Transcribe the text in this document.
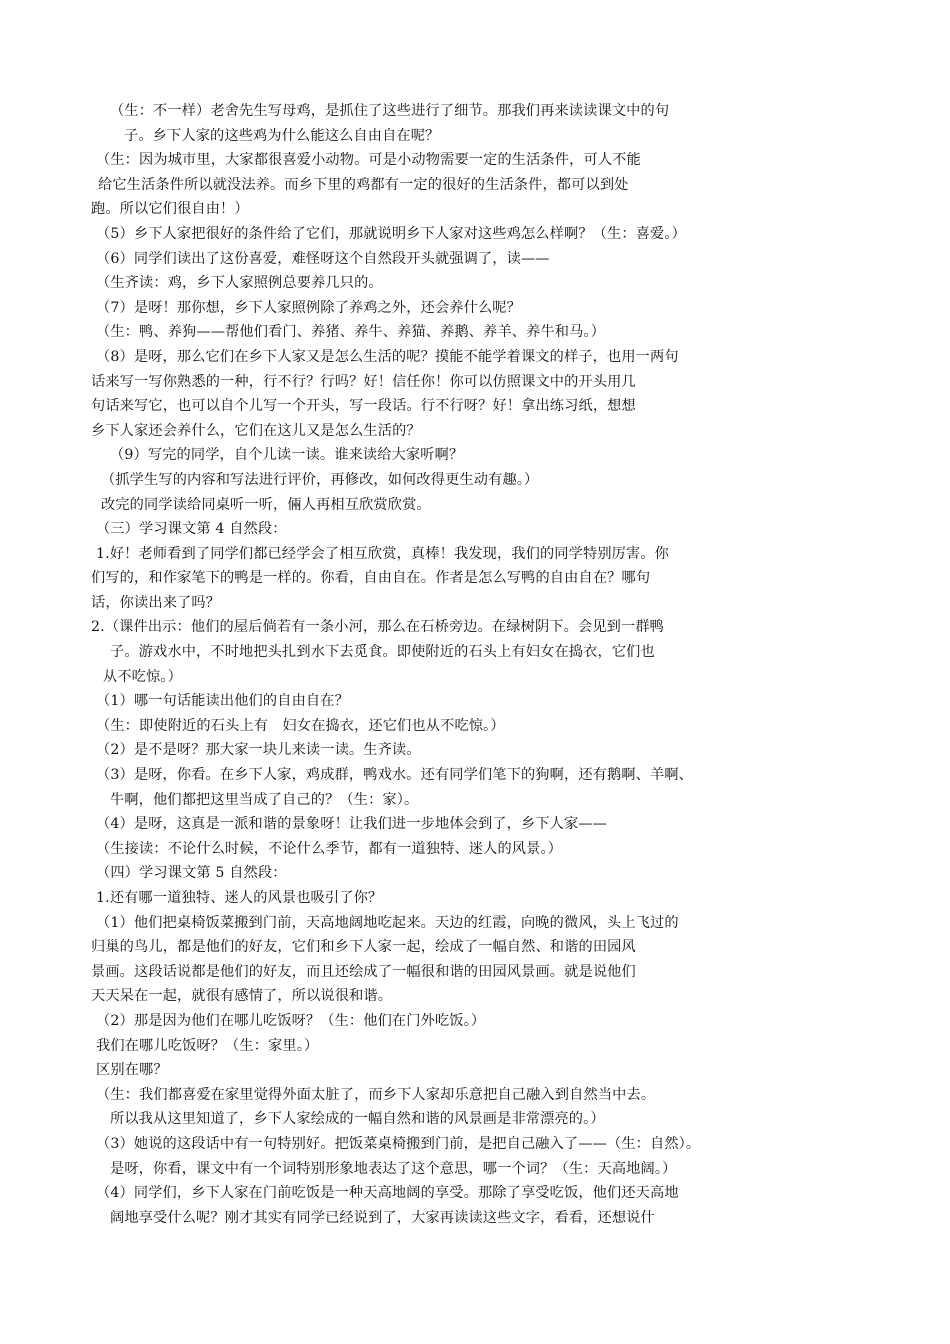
（生：不一样）老舍先生写母鸡，是抓住了这些进行了细节。那我们再来读读课文中的句
子。乡下人家的这些鸡为什么能这么自由自在呢？
（生：因为城市里，大家都很喜爱小动物。可是小动物需要一定的生活条件，可人不能
给它生活条件所以就没法养。而乡下里的鸡都有一定的很好的生活条件，都可以到处
跑。所以它们很自由！）
（5）乡下人家把很好的条件给了它们，那就说明乡下人家对这些鸡怎么样啊？（生：喜爱。）
（6）同学们读出了这份喜爱，难怪呀这个自然段开头就强调了，读——
（生齐读：鸡，乡下人家照例总要养几只的。
（7）是呀！那你想，乡下人家照例除了养鸡之外，还会养什么呢？
（生：鸭、养狗——帮他们看门、养猪、养牛、养猫、养鹅、养羊、养牛和马。）
（8）是呀，那么它们在乡下人家又是怎么生活的呢？摸能不能学着课文的样子，也用一两句
话来写一写你熟悉的一种，行不行？行吗？好！信任你！你可以仿照课文中的开头用几
句话来写它，也可以自个儿写一个开头，写一段话。行不行呀？好！拿出练习纸，想想
乡下人家还会养什么，它们在这儿又是怎么生活的？
（9）写完的同学，自个儿读一读。谁来读给大家听啊？
（抓学生写的内容和写法进行评价，再修改，如何改得更生动有趣。）
改完的同学读给同桌听一听，倆人再相互欣赏欣赏。
（三）学习课文第 4 自然段：
1.好！老师看到了同学们都已经学会了相互欣赏，真棒！我发现，我们的同学特别厉害。你
们写的，和作家笔下的鸭是一样的。你看，自由自在。作者是怎么写鸭的自由自在？哪句
话，你读出来了吗？
2.（课件出示：他们的屋后倘若有一条小河，那么在石桥旁边。在绿树阴下。会见到一群鸭
子。游戏水中，不时地把头扎到水下去觅食。即使附近的石头上有妇女在捣衣，它们也
从不吃惊。）
（1）哪一句话能读出他们的自由自在？
（生：即使附近的石头上有　妇女在捣衣，还它们也从不吃惊。）
（2）是不是呀？那大家一块儿来读一读。生齐读。
（3）是呀，你看。在乡下人家，鸡成群，鸭戏水。还有同学们笔下的狗啊，还有鹅啊、羊啊、
牛啊，他们都把这里当成了自己的？（生：家）。
（4）是呀，这真是一派和谐的景象呀！让我们进一步地体会到了，乡下人家——
（生接读：不论什么时候，不论什么季节，都有一道独特、迷人的风景。）
（四）学习课文第 5 自然段：
1.还有哪一道独特、迷人的风景也吸引了你？
（1）他们把桌椅饭菜搬到门前，天高地阔地吃起来。天边的红霞，向晚的微风，头上飞过的
归巢的鸟儿，都是他们的好友，它们和乡下人家一起，绘成了一幅自然、和谐的田园风
景画。这段话说都是他们的好友，而且还绘成了一幅很和谐的田园风景画。就是说他们
天天呆在一起，就很有感情了，所以说很和谐。
（2）那是因为他们在哪儿吃饭呀？（生：他们在门外吃饭。）
我们在哪儿吃饭呀？（生：家里。）
区别在哪？
（生：我们都喜爱在家里觉得外面太脏了，而乡下人家却乐意把自己融入到自然当中去。
所以我从这里知道了，乡下人家绘成的一幅自然和谐的风景画是非常漂亮的。）
（3）她说的这段话中有一句特别好。把饭菜桌椅搬到门前，是把自己融入了——（生：自然）。
是呀，你看，课文中有一个词特别形象地表达了这个意思，哪一个词？（生：天高地阔。）
（4）同学们，乡下人家在门前吃饭是一种天高地阔的享受。那除了享受吃饭，他们还天高地
阔地享受什么呢？刚才其实有同学已经说到了，大家再读读这些文字，看看，还想说什
